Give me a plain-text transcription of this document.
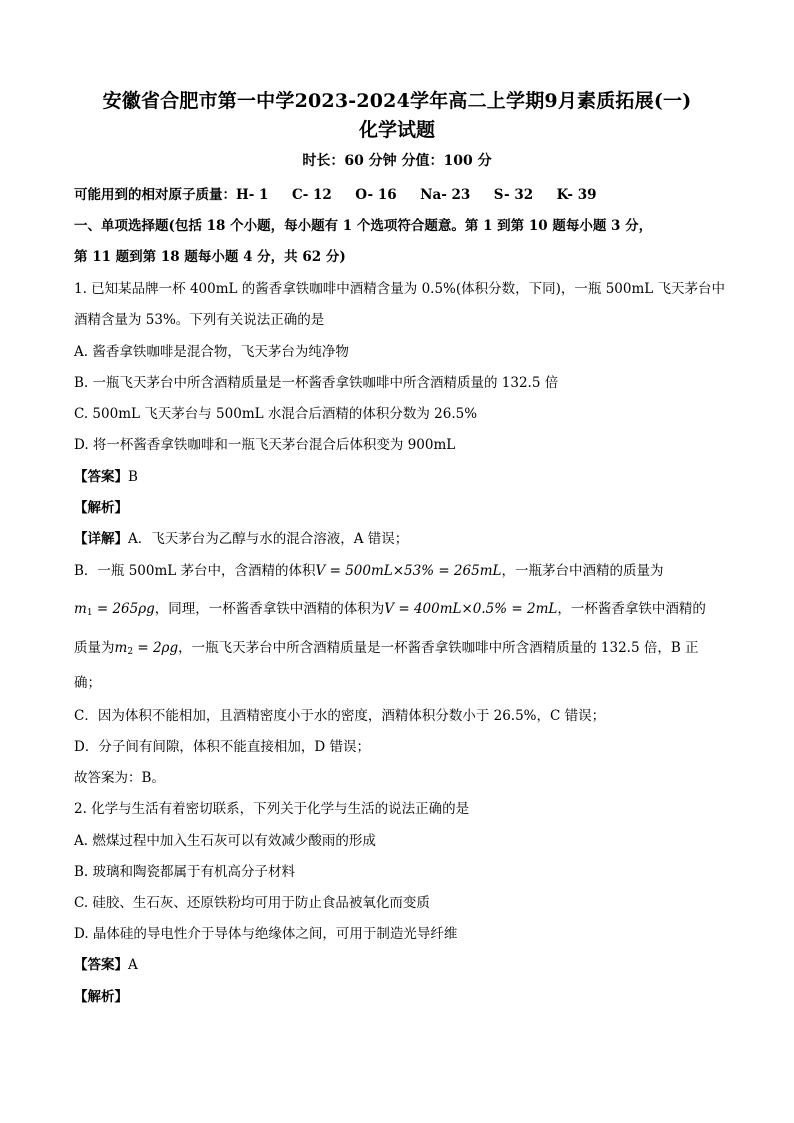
安徽省合肥市第一中学2023-2024学年高二上学期9月素质拓展(一)
化学试题
时长：60 分钟 分值：100 分
可能用到的相对原子质量：H- 1     C- 12     O- 16     Na- 23     S- 32     K- 39
一、单项选择题(包括 18 个小题，每小题有 1 个选项符合题意。第 1 到第 10 题每小题 3 分，
第 11 题到第 18 题每小题 4 分，共 62 分)
1. 已知某品牌一杯 400mL 的酱香拿铁咖啡中酒精含量为 0.5%(体积分数，下同)，一瓶 500mL 飞天茅台中
酒精含量为 53%。下列有关说法正确的是
A. 酱香拿铁咖啡是混合物，飞天茅台为纯净物
B. 一瓶飞天茅台中所含酒精质量是一杯酱香拿铁咖啡中所含酒精质量的 132.5 倍
C. 500mL 飞天茅台与 500mL 水混合后酒精的体积分数为 26.5%
D. 将一杯酱香拿铁咖啡和一瓶飞天茅台混合后体积变为 900mL
【答案】B
【解析】
【详解】A．飞天茅台为乙醇与水的混合溶液，A 错误；
B．一瓶 500mL 茅台中，含酒精的体积V = 500mL×53% = 265mL，一瓶茅台中酒精的质量为
$m_1 = 265\rho g$，同理，一杯酱香拿铁中酒精的体积为V = 400mL×0.5% = 2mL，一杯酱香拿铁中酒精的
质量为$m_2 = 2\rho g$，一瓶飞天茅台中所含酒精质量是一杯酱香拿铁咖啡中所含酒精质量的 132.5 倍，B 正
确；
C．因为体积不能相加，且酒精密度小于水的密度，酒精体积分数小于 26.5%，C 错误；
D．分子间有间隙，体积不能直接相加，D 错误；
故答案为：B。
2. 化学与生活有着密切联系，下列关于化学与生活的说法正确的是
A. 燃煤过程中加入生石灰可以有效减少酸雨的形成
B. 玻璃和陶瓷都属于有机高分子材料
C. 硅胶、生石灰、还原铁粉均可用于防止食品被氧化而变质
D. 晶体硅的导电性介于导体与绝缘体之间，可用于制造光导纤维
【答案】A
【解析】
